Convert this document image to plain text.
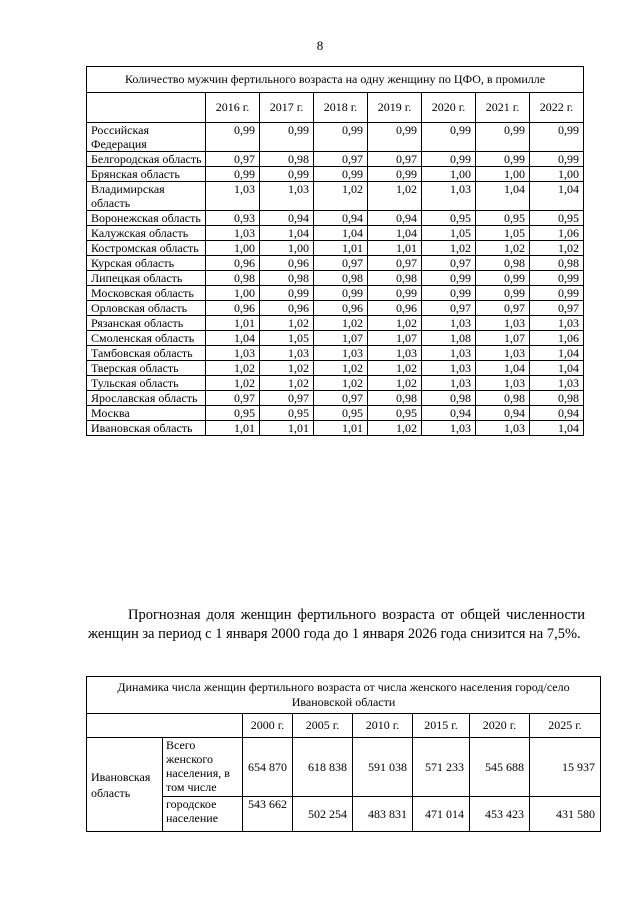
8
Количество мужчин фертильного возраста на одну женщину по ЦФО, в промилле							
	2016 г.	2017 г.	2018 г.	2019 г.	2020 г.	2021 г.	2022 г.
Российская Федерация	0,99	0,99	0,99	0,99	0,99	0,99	0,99
Белгородская область	0,97	0,98	0,97	0,97	0,99	0,99	0,99
Брянская область	0,99	0,99	0,99	0,99	1,00	1,00	1,00
Владимирская область	1,03	1,03	1,02	1,02	1,03	1,04	1,04
Воронежская область	0,93	0,94	0,94	0,94	0,95	0,95	0,95
Калужская область	1,03	1,04	1,04	1,04	1,05	1,05	1,06
Костромская область	1,00	1,00	1,01	1,01	1,02	1,02	1,02
Курская область	0,96	0,96	0,97	0,97	0,97	0,98	0,98
Липецкая область	0,98	0,98	0,98	0,98	0,99	0,99	0,99
Московская область	1,00	0,99	0,99	0,99	0,99	0,99	0,99
Орловская область	0,96	0,96	0,96	0,96	0,97	0,97	0,97
Рязанская область	1,01	1,02	1,02	1,02	1,03	1,03	1,03
Смоленская область	1,04	1,05	1,07	1,07	1,08	1,07	1,06
Тамбовская область	1,03	1,03	1,03	1,03	1,03	1,03	1,04
Тверская область	1,02	1,02	1,02	1,02	1,03	1,04	1,04
Тульская область	1,02	1,02	1,02	1,02	1,03	1,03	1,03
Ярославская область	0,97	0,97	0,97	0,98	0,98	0,98	0,98
Москва	0,95	0,95	0,95	0,95	0,94	0,94	0,94
Ивановская область	1,01	1,01	1,01	1,02	1,03	1,03	1,04

Прогнозная доля женщин фертильного возраста от общей численности женщин за период с 1 января 2000 года до 1 января 2026 года снизится на 7,5%.

Динамика числа женщин фертильного возраста от числа женского населения город/село Ивановской области							
		2000 г.	2005 г.	2010 г.	2015 г.	2020 г.	2025 г.
Ивановская область	Всего женского населения, в том числе	654 870	618 838	591 038	571 233	545 688	15 937
	городское население	543 662	502 254	483 831	471 014	453 423	431 580
